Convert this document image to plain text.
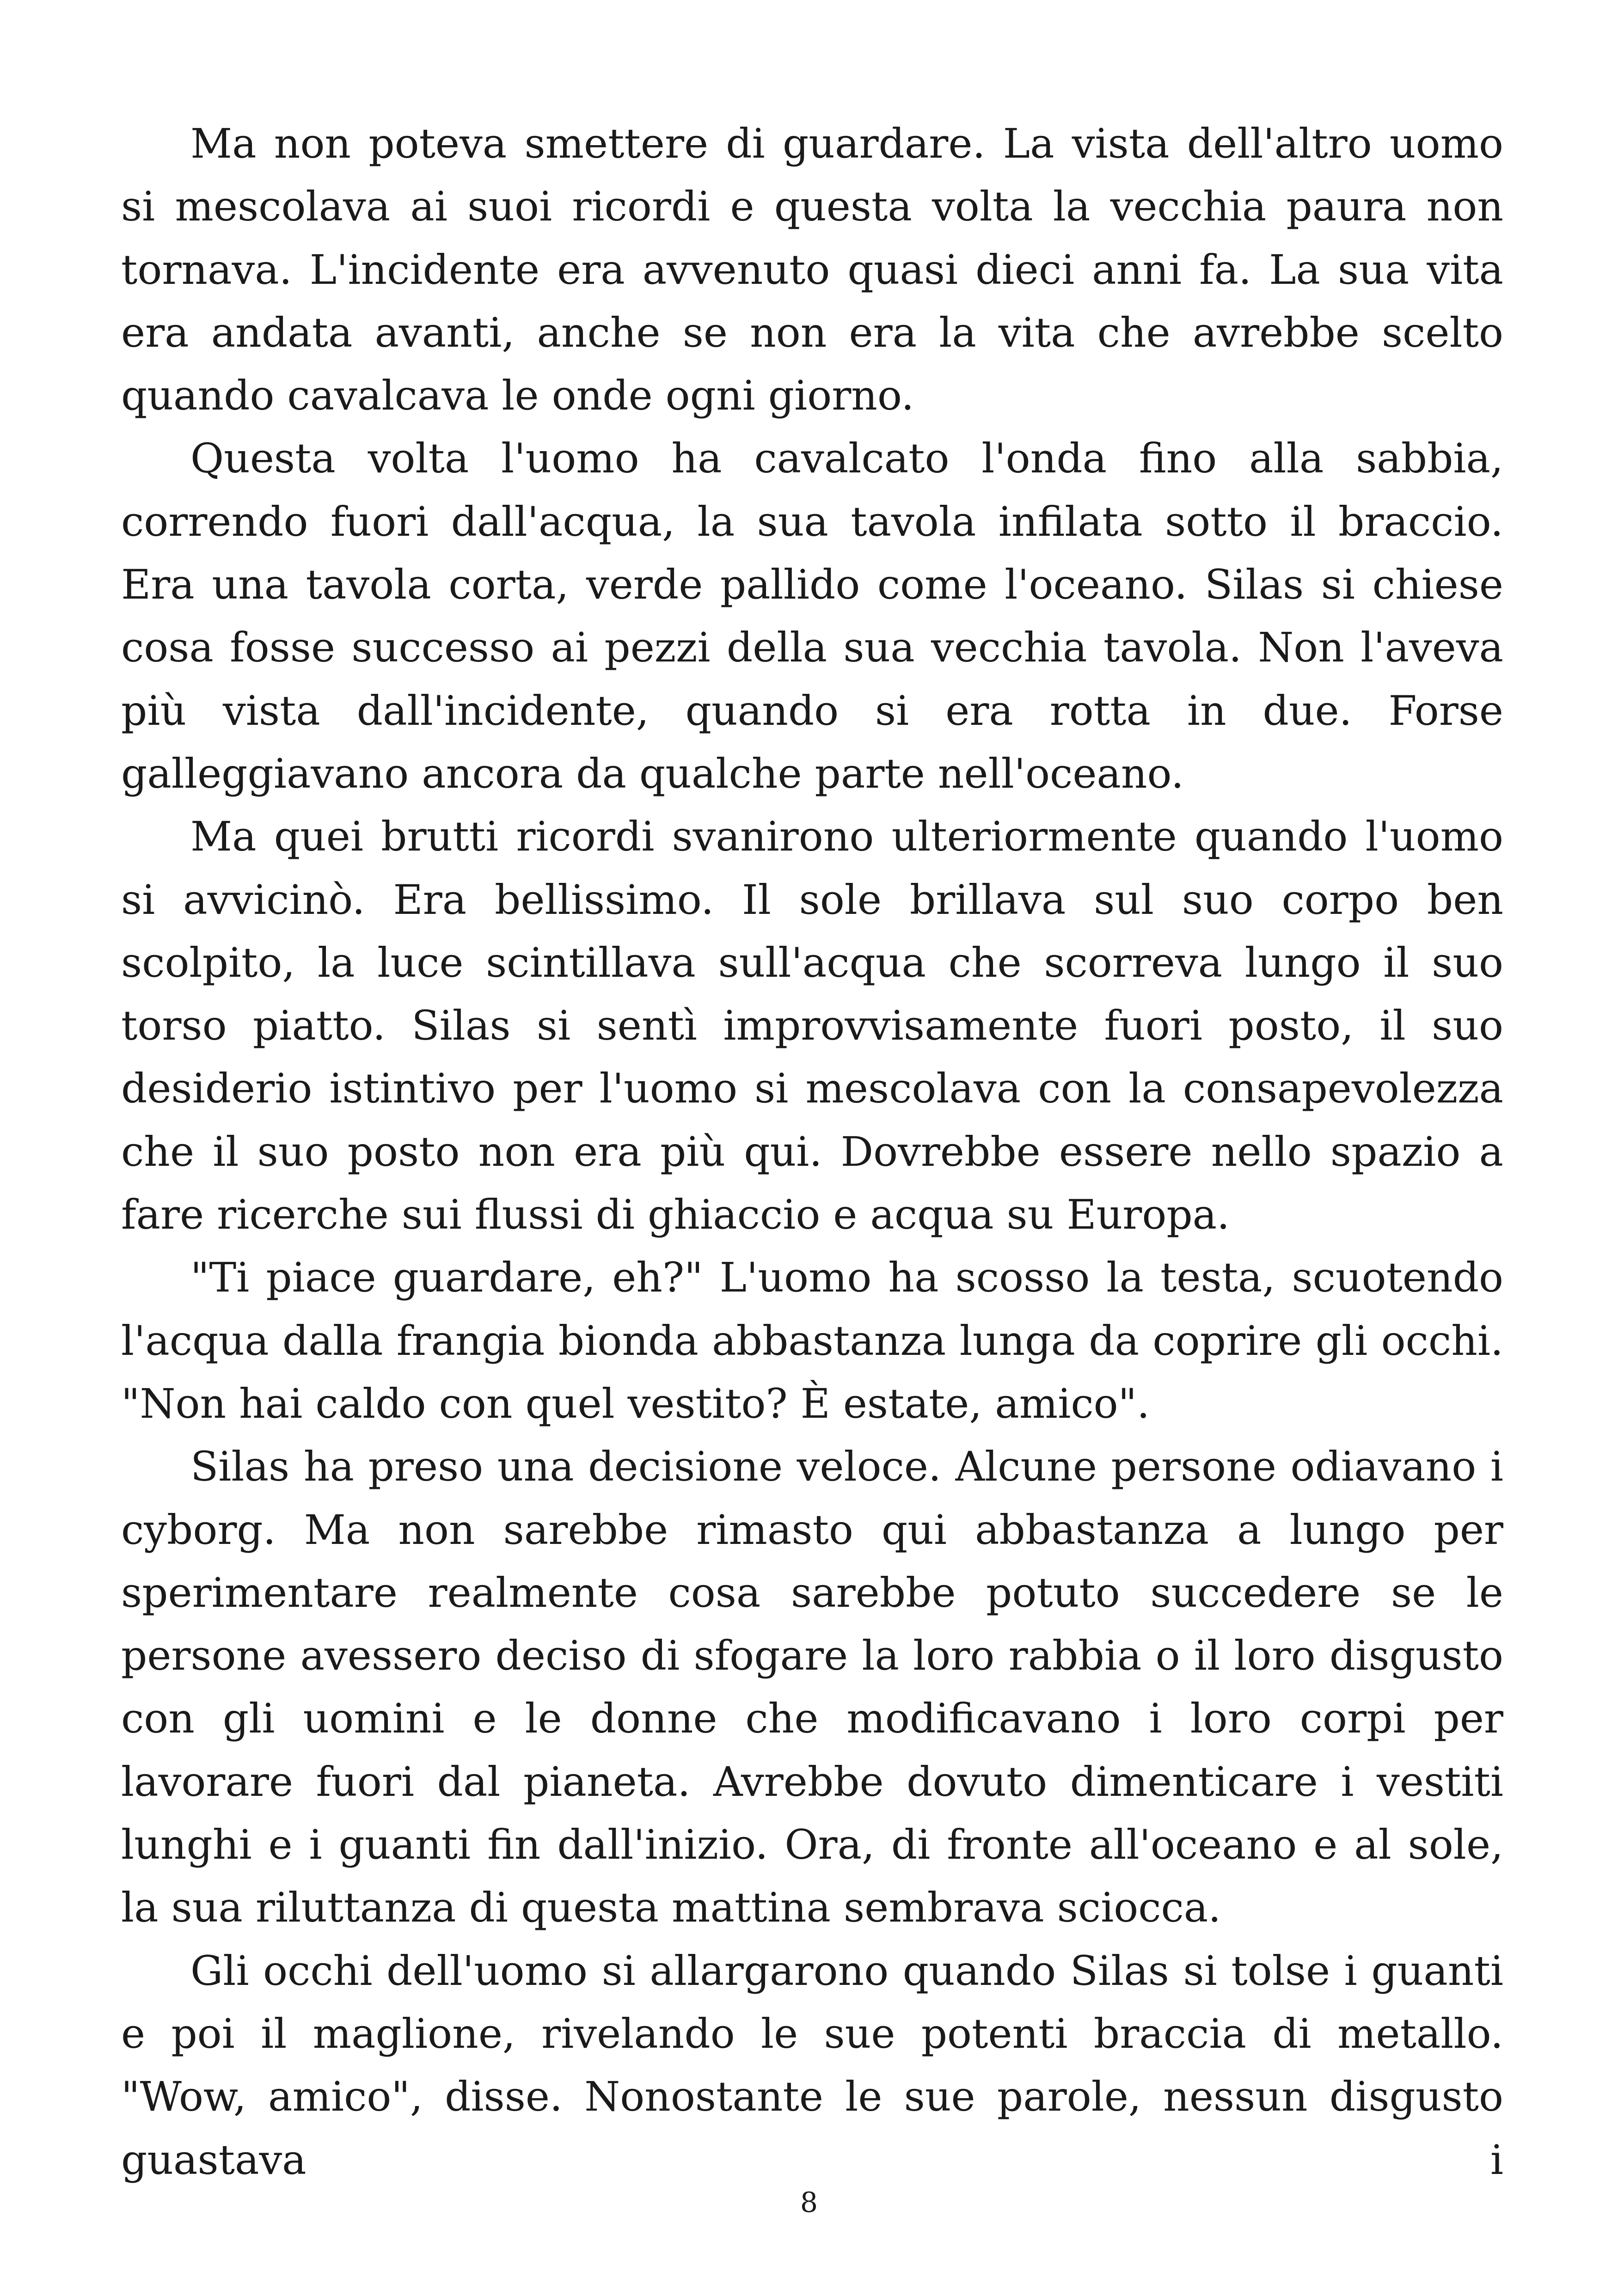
Ma non poteva smettere di guardare. La vista dell'altro uomo si mescolava ai suoi ricordi e questa volta la vecchia paura non tornava. L'incidente era avvenuto quasi dieci anni fa. La sua vita era andata avanti, anche se non era la vita che avrebbe scelto quando cavalcava le onde ogni giorno.

Questa volta l'uomo ha cavalcato l'onda fino alla sabbia, correndo fuori dall'acqua, la sua tavola infilata sotto il braccio. Era una tavola corta, verde pallido come l'oceano. Silas si chiese cosa fosse successo ai pezzi della sua vecchia tavola. Non l'aveva più vista dall'incidente, quando si era rotta in due. Forse galleggiavano ancora da qualche parte nell'oceano.

Ma quei brutti ricordi svanirono ulteriormente quando l'uomo si avvicinò. Era bellissimo. Il sole brillava sul suo corpo ben scolpito, la luce scintillava sull'acqua che scorreva lungo il suo torso piatto. Silas si sentì improvvisamente fuori posto, il suo desiderio istintivo per l'uomo si mescolava con la consapevolezza che il suo posto non era più qui. Dovrebbe essere nello spazio a fare ricerche sui flussi di ghiaccio e acqua su Europa.

"Ti piace guardare, eh?" L'uomo ha scosso la testa, scuotendo l'acqua dalla frangia bionda abbastanza lunga da coprire gli occhi. "Non hai caldo con quel vestito? È estate, amico".

Silas ha preso una decisione veloce. Alcune persone odiavano i cyborg. Ma non sarebbe rimasto qui abbastanza a lungo per sperimentare realmente cosa sarebbe potuto succedere se le persone avessero deciso di sfogare la loro rabbia o il loro disgusto con gli uomini e le donne che modificavano i loro corpi per lavorare fuori dal pianeta. Avrebbe dovuto dimenticare i vestiti lunghi e i guanti fin dall'inizio. Ora, di fronte all'oceano e al sole, la sua riluttanza di questa mattina sembrava sciocca.

Gli occhi dell'uomo si allargarono quando Silas si tolse i guanti e poi il maglione, rivelando le sue potenti braccia di metallo. "Wow, amico", disse. Nonostante le sue parole, nessun disgusto guastava i

8
